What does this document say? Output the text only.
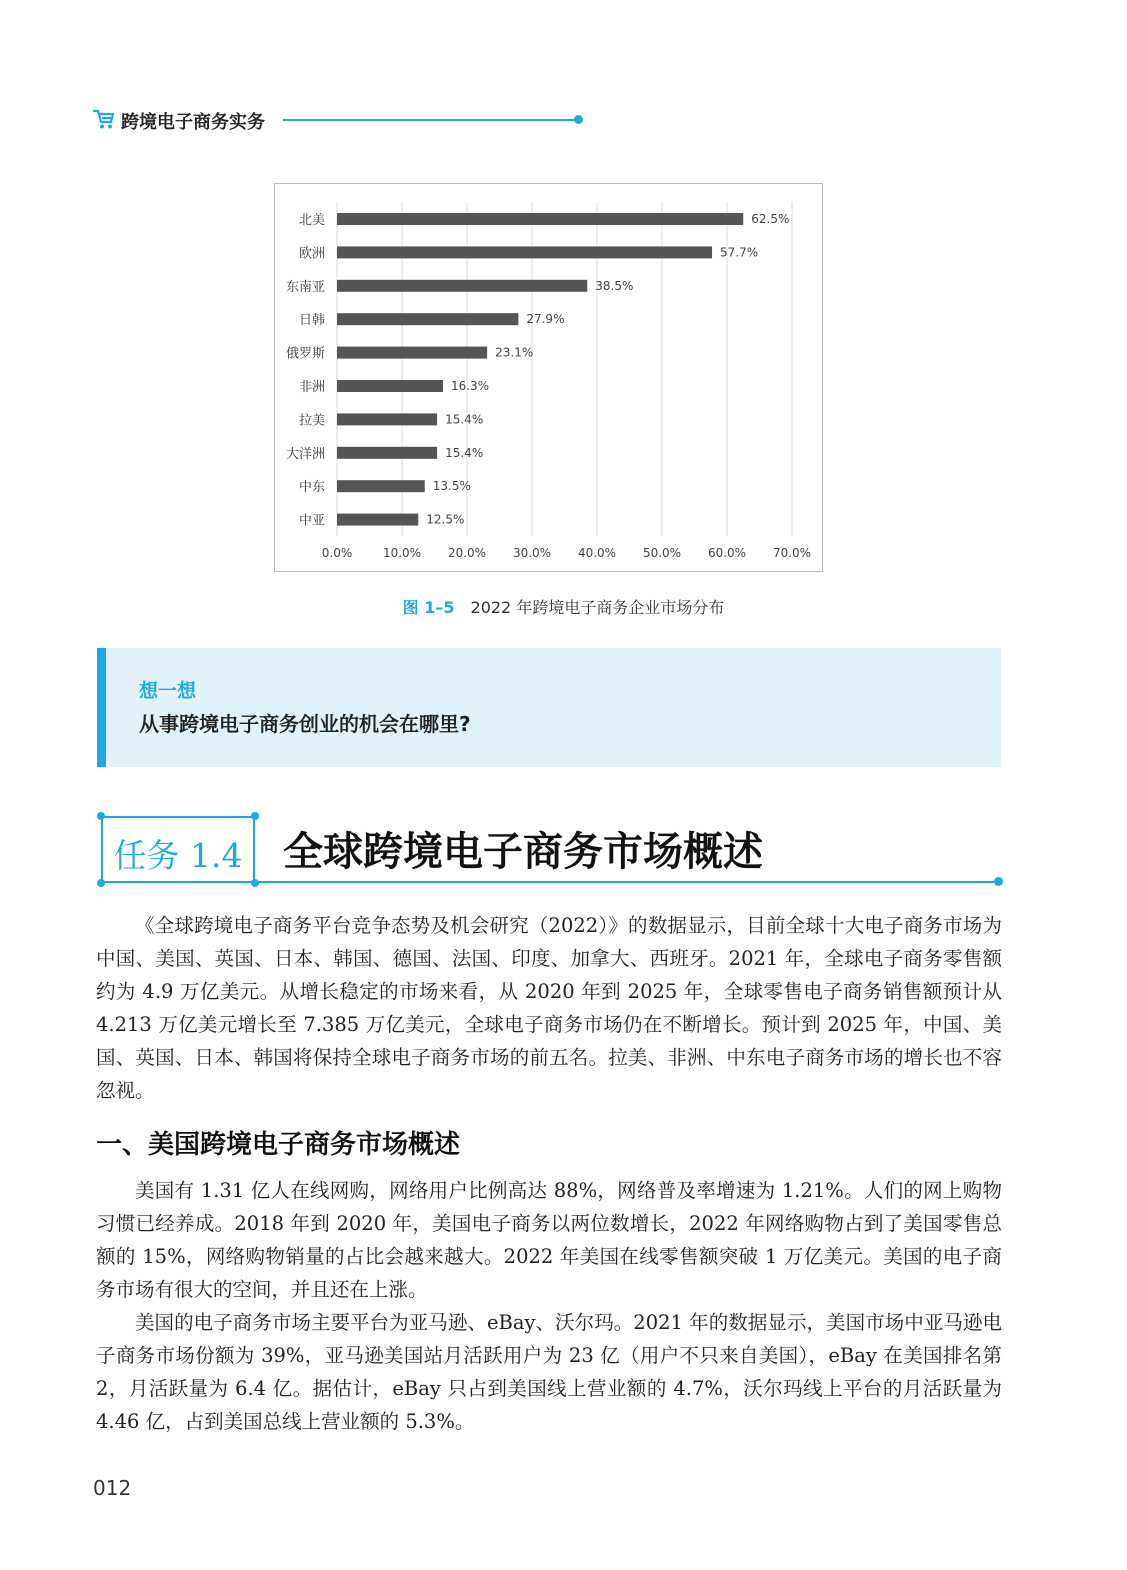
跨境电子商务实务
0.0%	10.0% 20.0% 30.0% 40.0% 50.0% 60.0% 70.0%
北美	62.5%
欧洲	57.7%
东南亚	38.5%
日韩	27.9%
俄罗斯	23.1%
非洲	16.3%
拉美	15.4%
大洋洲	15.4%
中东	13.5%
中亚	12.5%
图 1–5 2022 年跨境电子商务企业市场分布
想一想
从事跨境电子商务创业的机会在哪里?
任务 1.4 全球跨境电子商务市场概述

《全球跨境电子商务平台竞争态势及机会研究（2022）》的数据显示，目前全球十大电子商务市场为中国、美国、英国、日本、韩国、德国、法国、印度、加拿大、西班牙。2021 年，全球电子商务零售额约为 4.9 万亿美元。从增长稳定的市场来看，从 2020 年到 2025 年，全球零售电子商务销售额预计从 4.213 万亿美元增长至 7.385 万亿美元，全球电子商务市场仍在不断增长。预计到 2025 年，中国、美国、英国、日本、韩国将保持全球电子商务市场的前五名。拉美、非洲、中东电子商务市场的增长也不容忽视。

一、美国跨境电子商务市场概述

美国有 1.31 亿人在线网购，网络用户比例高达 88%，网络普及率增速为 1.21%。人们的网上购物习惯已经养成。2018 年到 2020 年，美国电子商务以两位数增长，2022 年网络购物占到了美国零售总额的 15%，网络购物销量的占比会越来越大。2022 年美国在线零售额突破 1 万亿美元。美国的电子商务市场有很大的空间，并且还在上涨。

美国的电子商务市场主要平台为亚马逊、eBay、沃尔玛。2021 年的数据显示，美国市场中亚马逊电子商务市场份额为 39%，亚马逊美国站月活跃用户为 23 亿（用户不只来自美国），eBay 在美国排名第 2，月活跃量为 6.4 亿。据估计，eBay 只占到美国线上营业额的 4.7%，沃尔玛线上平台的月活跃量为 4.46 亿，占到美国总线上营业额的 5.3%。

012
